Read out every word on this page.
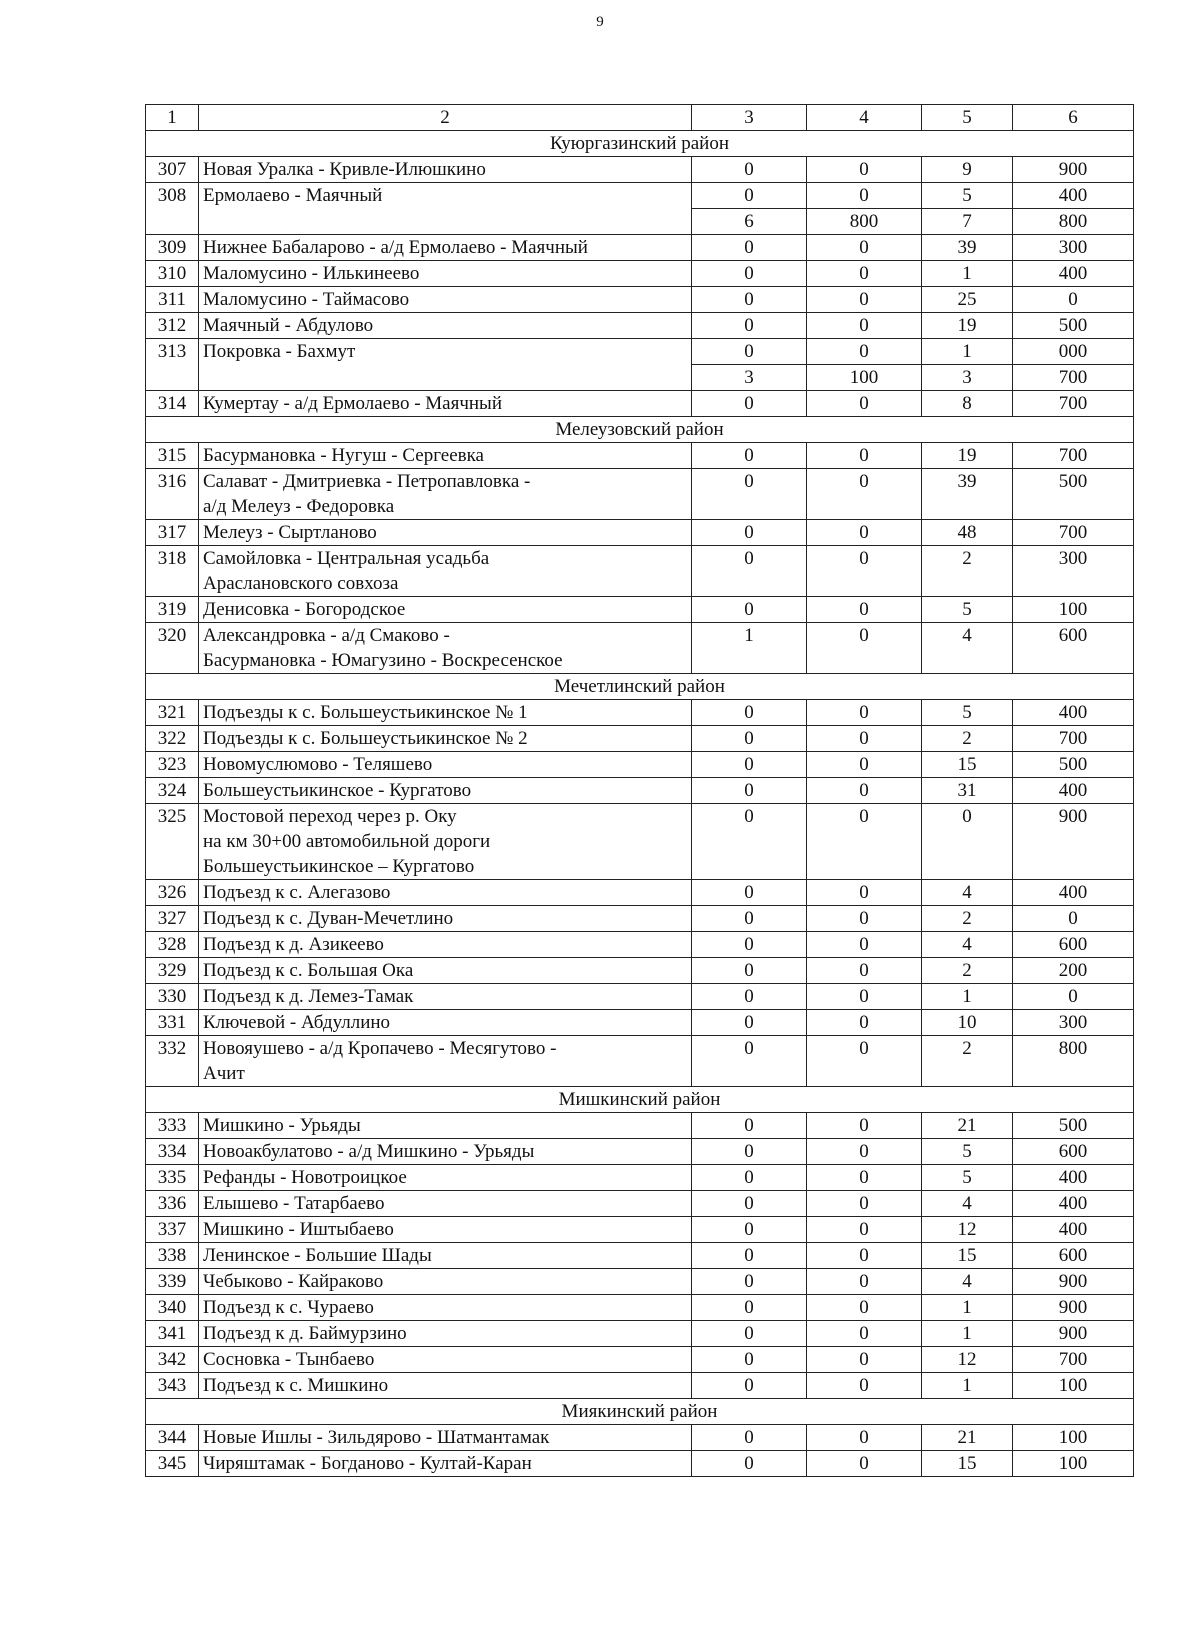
9
1	2	3	4	5	6
Куюргазинский район					
307	Новая Уралка - Кривле-Илюшкино	0	0	9	900
308	Ермолаево - Маячный	0	0	5	400
		6	800	7	800
309	Нижнее Бабаларово - а/д Ермолаево - Маячный	0	0	39	300
310	Маломусино - Илькинеево	0	0	1	400
311	Маломусино - Таймасово	0	0	25	0
312	Маячный - Абдулово	0	0	19	500
313	Покровка - Бахмут	0	0	1	000
		3	100	3	700
314	Кумертау - а/д Ермолаево - Маячный	0	0	8	700
Мелеузовский район					
315	Басурмановка - Нугуш - Сергеевка	0	0	19	700
316	Салават - Дмитриевка - Петропавловка -
а/д Мелеуз - Федоровка	0	0	39	500
317	Мелеуз - Сыртланово	0	0	48	700
318	Самойловка - Центральная усадьба
Араслановского совхоза	0	0	2	300
319	Денисовка - Богородское	0	0	5	100
320	Александровка - а/д Смаково -
Басурмановка - Юмагузино - Воскресенское	1	0	4	600
Мечетлинский район					
321	Подъезды к с. Большеустьикинское № 1	0	0	5	400
322	Подъезды к с. Большеустьикинское № 2	0	0	2	700
323	Новомуслюмово - Теляшево	0	0	15	500
324	Большеустьикинское - Кургатово	0	0	31	400
325	Мостовой переход через р. Оку
на км 30+00 автомобильной дороги
Большеустьикинское – Кургатово	0	0	0	900
326	Подъезд к с. Алегазово	0	0	4	400
327	Подъезд к с. Дуван-Мечетлино	0	0	2	0
328	Подъезд к д. Азикеево	0	0	4	600
329	Подъезд к с. Большая Ока	0	0	2	200
330	Подъезд к д. Лемез-Тамак	0	0	1	0
331	Ключевой - Абдуллино	0	0	10	300
332	Новояушево - а/д Кропачево - Месягутово -
Ачит	0	0	2	800
Мишкинский район					
333	Мишкино - Урьяды	0	0	21	500
334	Новоакбулатово - а/д Мишкино - Урьяды	0	0	5	600
335	Рефанды - Новотроицкое	0	0	5	400
336	Елышево - Татарбаево	0	0	4	400
337	Мишкино - Иштыбаево	0	0	12	400
338	Ленинское - Большие Шады	0	0	15	600
339	Чебыково - Кайраково	0	0	4	900
340	Подъезд к с. Чураево	0	0	1	900
341	Подъезд к д. Баймурзино	0	0	1	900
342	Сосновка - Тынбаево	0	0	12	700
343	Подъезд к с. Мишкино	0	0	1	100
Миякинский район					
344	Новые Ишлы - Зильдярово - Шатмантамак	0	0	21	100
345	Чиряштамак - Богданово - Култай-Каран	0	0	15	100
